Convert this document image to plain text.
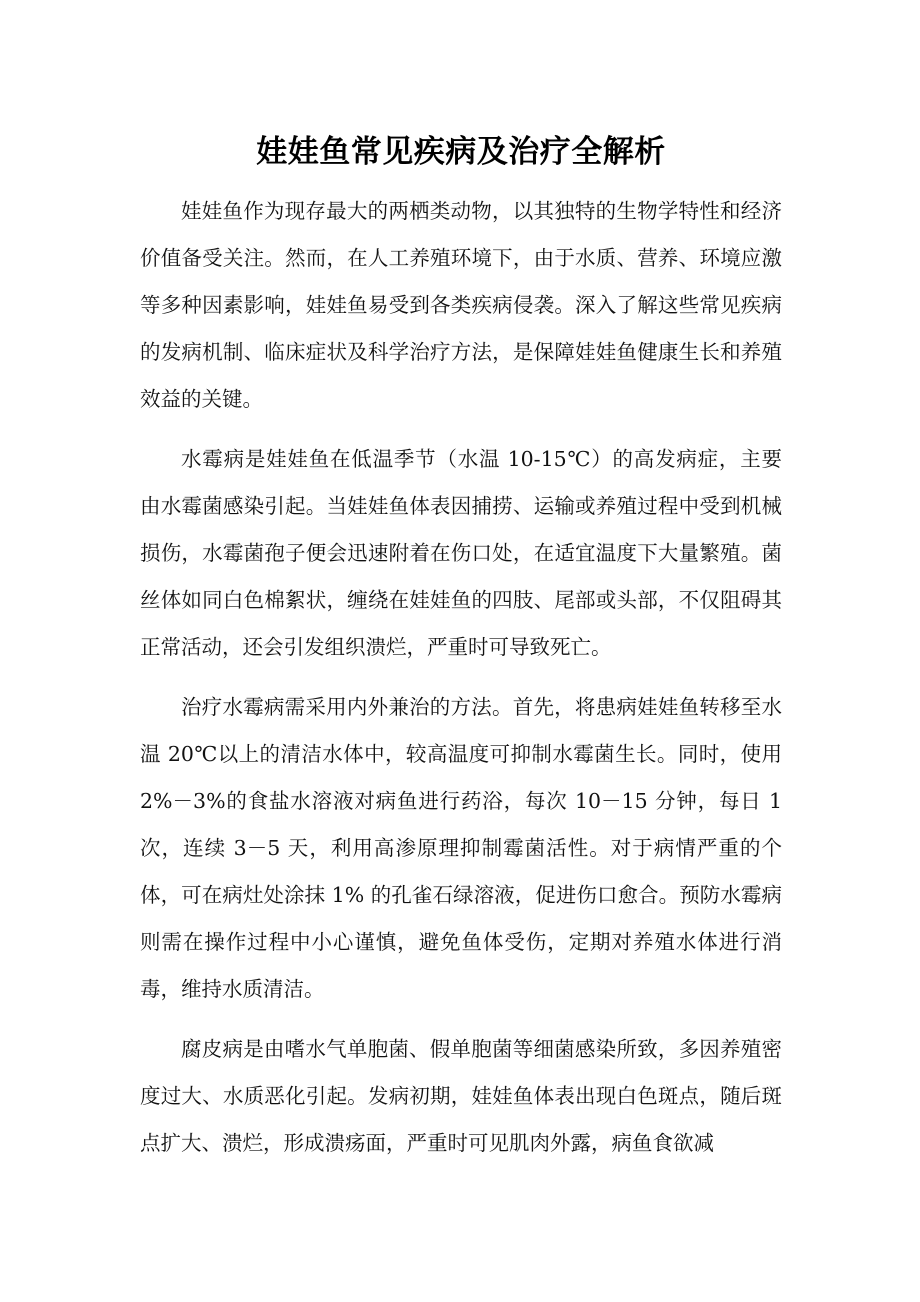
娃娃鱼常见疾病及治疗全解析

娃娃鱼作为现存最大的两栖类动物，以其独特的生物学特性和经济价值备受关注。然而，在人工养殖环境下，由于水质、营养、环境应激等多种因素影响，娃娃鱼易受到各类疾病侵袭。深入了解这些常见疾病的发病机制、临床症状及科学治疗方法，是保障娃娃鱼健康生长和养殖效益的关键。

水霉病是娃娃鱼在低温季节（水温 10-15℃）的高发病症，主要由水霉菌感染引起。当娃娃鱼体表因捕捞、运输或养殖过程中受到机械损伤，水霉菌孢子便会迅速附着在伤口处，在适宜温度下大量繁殖。菌丝体如同白色棉絮状，缠绕在娃娃鱼的四肢、尾部或头部，不仅阻碍其正常活动，还会引发组织溃烂，严重时可导致死亡。

治疗水霉病需采用内外兼治的方法。首先，将患病娃娃鱼转移至水温 20℃以上的清洁水体中，较高温度可抑制水霉菌生长。同时，使用 2%－3%的食盐水溶液对病鱼进行药浴，每次 10－15 分钟，每日 1 次，连续 3－5 天，利用高渗原理抑制霉菌活性。对于病情严重的个体，可在病灶处涂抹 1% 的孔雀石绿溶液，促进伤口愈合。预防水霉病则需在操作过程中小心谨慎，避免鱼体受伤，定期对养殖水体进行消毒，维持水质清洁。

腐皮病是由嗜水气单胞菌、假单胞菌等细菌感染所致，多因养殖密度过大、水质恶化引起。发病初期，娃娃鱼体表出现白色斑点，随后斑点扩大、溃烂，形成溃疡面，严重时可见肌肉外露，病鱼食欲减
